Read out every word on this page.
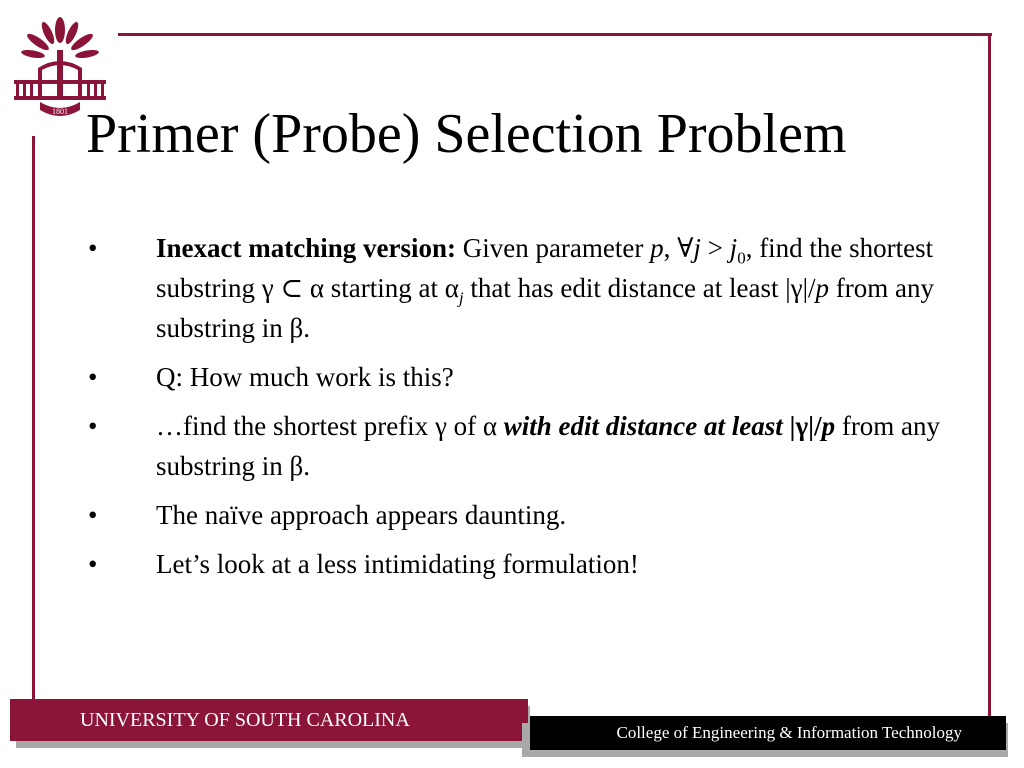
1801 Primer (Probe) Selection Problem
• Inexact matching version: Given parameter p, ∀j > $j_0$, find the shortest substring γ ⊂ α starting at $\alpha_j$ that has edit distance at least |γ|/p from any substring in β.
• Q: How much work is this?
• …find the shortest prefix γ of α with edit distance at least |γ|/p from any substring in β.
• The naïve approach appears daunting.
• Let’s look at a less intimidating formulation!
UNIVERSITY OF SOUTH CAROLINA
College of Engineering & Information Technology
